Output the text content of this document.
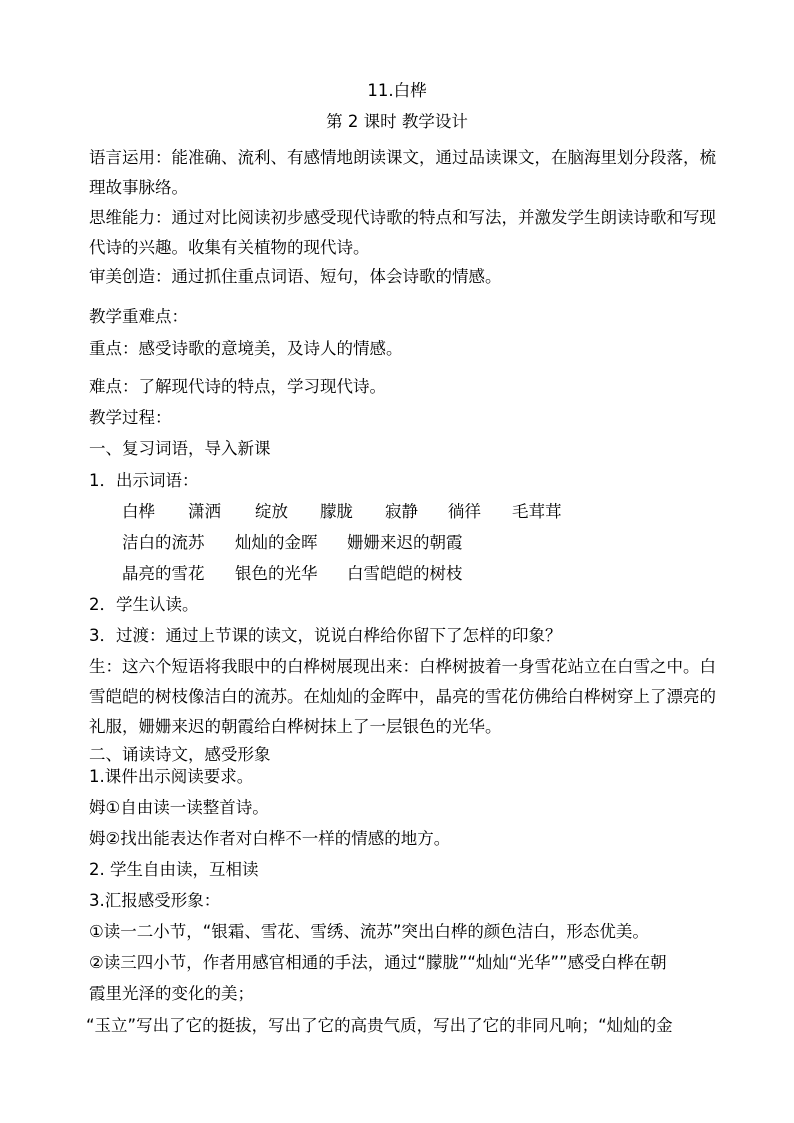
11.白桦
第 2 课时 教学设计
语言运用：能准确、流利、有感情地朗读课文，通过品读课文，在脑海里划分段落，梳
理故事脉络。
思维能力：通过对比阅读初步感受现代诗歌的特点和写法，并激发学生朗读诗歌和写现
代诗的兴趣。收集有关植物的现代诗。
审美创造：通过抓住重点词语、短句，体会诗歌的情感。
教学重难点：
重点：感受诗歌的意境美，及诗人的情感。
难点：了解现代诗的特点，学习现代诗。
教学过程：
一、复习词语，导入新课
1．出示词语：
白桦 潇洒 绽放 朦胧 寂静 徜徉 毛茸茸
洁白的流苏 灿灿的金晖 姗姗来迟的朝霞
晶亮的雪花 银色的光华 白雪皑皑的树枝
2．学生认读。
3．过渡：通过上节课的读文，说说白桦给你留下了怎样的印象？
生：这六个短语将我眼中的白桦树展现出来：白桦树披着一身雪花站立在白雪之中。白
雪皑皑的树枝像洁白的流苏。在灿灿的金晖中，晶亮的雪花仿佛给白桦树穿上了漂亮的
礼服，姗姗来迟的朝霞给白桦树抹上了一层银色的光华。
二、诵读诗文，感受形象
1.课件出示阅读要求。
姆①自由读一读整首诗。
姆②找出能表达作者对白桦不一样的情感的地方。
2. 学生自由读，互相读
3.汇报感受形象：
①读一二小节，“银霜、雪花、雪绣、流苏”突出白桦的颜色洁白，形态优美。
②读三四小节，作者用感官相通的手法，通过“朦胧”“灿灿“光华””感受白桦在朝
霞里光泽的变化的美；
“玉立”写出了它的挺拔，写出了它的高贵气质，写出了它的非同凡响；“灿灿的金
